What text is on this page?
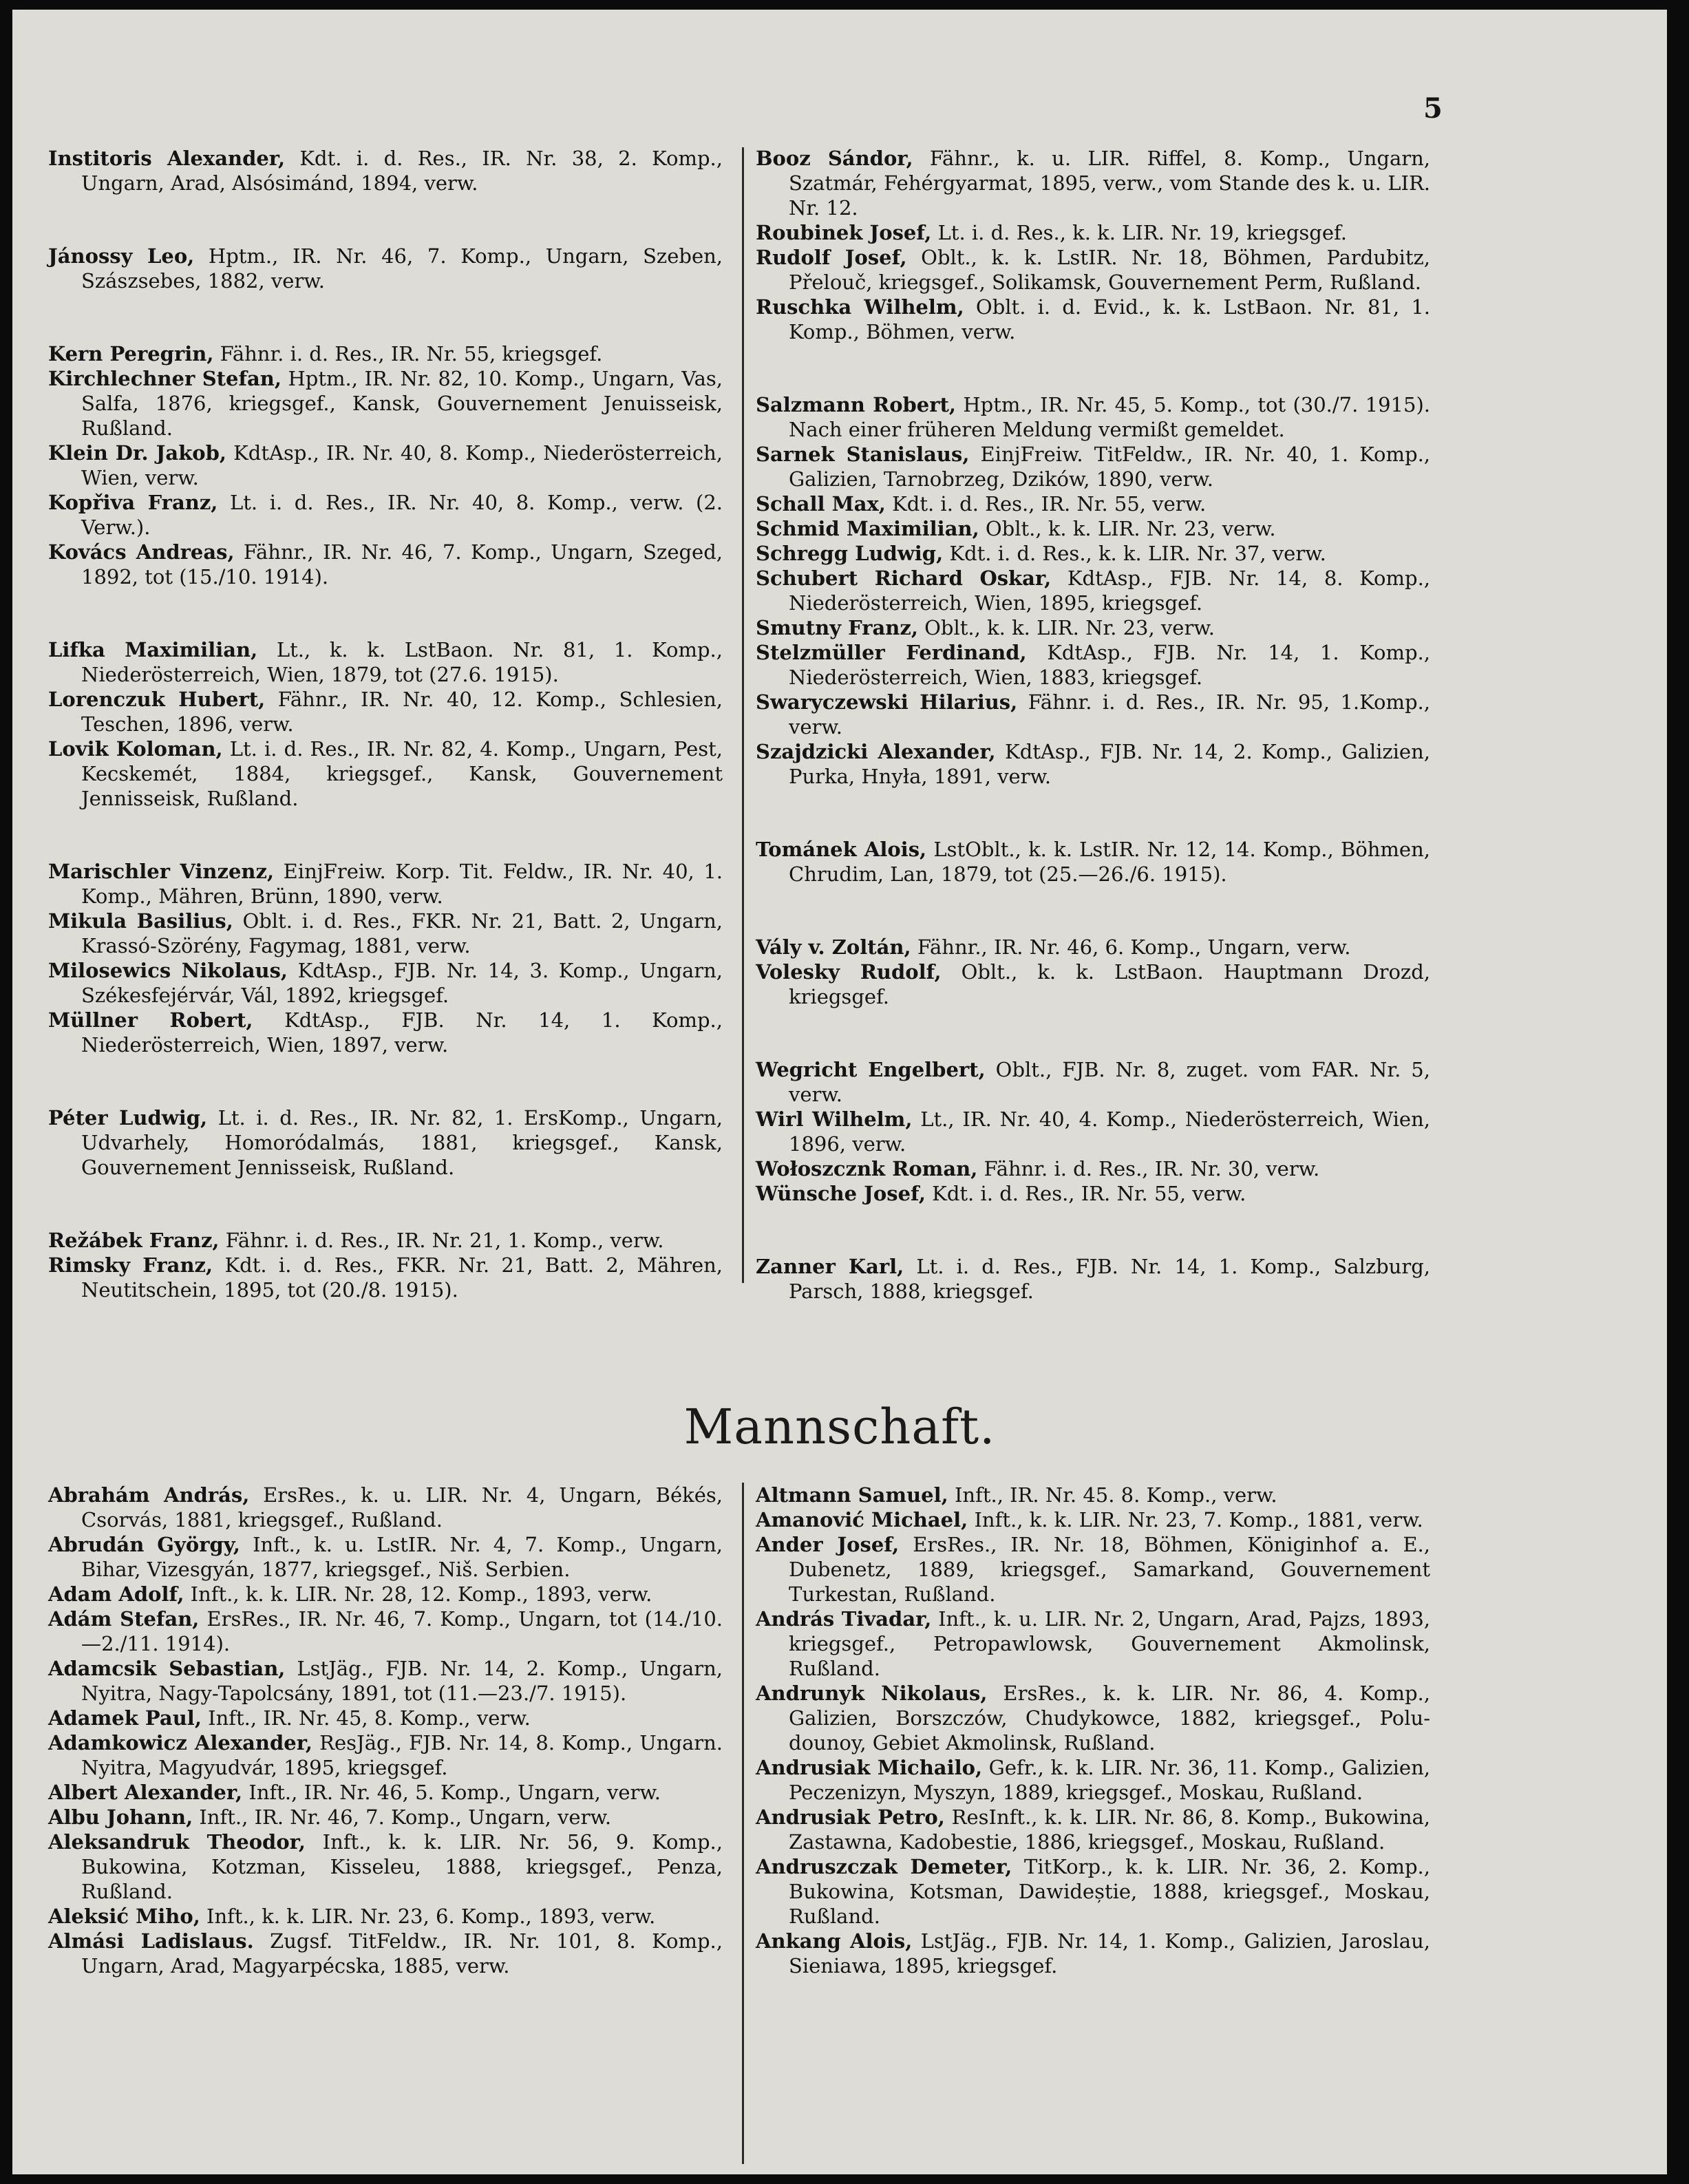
5

Institoris Alexander, Kdt. i. d. Res., IR. Nr. 38, 2. Komp., Ungarn, Arad, Alsósimánd, 1894, verw.

Jánossy Leo, Hptm., IR. Nr. 46, 7. Komp., Ungarn, Szeben, Szászsebes, 1882, verw.

Kern Peregrin, Fähnr. i. d. Res., IR. Nr. 55, kriegsgef.

Kirchlechner Stefan, Hptm., IR. Nr. 82, 10. Komp., Ungarn, Vas, Salfa, 1876, kriegsgef., Kansk, Gouvernement Jenuisseisk, Rußland.

Klein Dr. Jakob, KdtAsp., IR. Nr. 40, 8. Komp., Niederösterreich, Wien, verw.

Kopřiva Franz, Lt. i. d. Res., IR. Nr. 40, 8. Komp., verw. (2. Verw.).

Kovács Andreas, Fähnr., IR. Nr. 46, 7. Komp., Ungarn, Szeged, 1892, tot (15./10. 1914).

Lifka Maximilian, Lt., k. k. LstBaon. Nr. 81, 1. Komp., Niederösterreich, Wien, 1879, tot (27.6. 1915).

Lorenczuk Hubert, Fähnr., IR. Nr. 40, 12. Komp., Schlesien, Teschen, 1896, verw.

Lovik Koloman, Lt. i. d. Res., IR. Nr. 82, 4. Komp., Ungarn, Pest, Kecskemét, 1884, kriegsgef., Kansk, Gouvernement Jennisseisk, Rußland.

Marischler Vinzenz, EinjFreiw. Korp. Tit. Feldw., IR. Nr. 40, 1. Komp., Mähren, Brünn, 1890, verw.

Mikula Basilius, Oblt. i. d. Res., FKR. Nr. 21, Batt. 2, Ungarn, Krassó-Szörény, Fagymag, 1881, verw.

Milosewics Nikolaus, KdtAsp., FJB. Nr. 14, 3. Komp., Ungarn, Székesfejérvár, Vál, 1892, kriegsgef.

Müllner Robert, KdtAsp., FJB. Nr. 14, 1. Komp., Niederösterreich, Wien, 1897, verw.

Péter Ludwig, Lt. i. d. Res., IR. Nr. 82, 1. ErsKomp., Ungarn, Udvarhely, Homoródalmás, 1881, kriegsgef., Kansk, Gouvernement Jennisseisk, Rußland.

Režábek Franz, Fähnr. i. d. Res., IR. Nr. 21, 1. Komp., verw.

Rimsky Franz, Kdt. i. d. Res., FKR. Nr. 21, Batt. 2, Mähren, Neutitschein, 1895, tot (20./8. 1915).

Booz Sándor, Fähnr., k. u. LIR. Riffel, 8. Komp., Ungarn, Szatmár, Fehérgyarmat, 1895, verw., vom Stande des k. u. LIR. Nr. 12.

Roubinek Josef, Lt. i. d. Res., k. k. LIR. Nr. 19, kriegsgef.

Rudolf Josef, Oblt., k. k. LstIR. Nr. 18, Böhmen, Pardubitz, Přelouč, kriegsgef., Solikamsk, Gouvernement Perm, Rußland.

Ruschka Wilhelm, Oblt. i. d. Evid., k. k. LstBaon. Nr. 81, 1. Komp., Böhmen, verw.

Salzmann Robert, Hptm., IR. Nr. 45, 5. Komp., tot (30./7. 1915). Nach einer früheren Meldung vermißt gemeldet.

Sarnek Stanislaus, EinjFreiw. TitFeldw., IR. Nr. 40, 1. Komp., Galizien, Tarnobrzeg, Dzików, 1890, verw.

Schall Max, Kdt. i. d. Res., IR. Nr. 55, verw.

Schmid Maximilian, Oblt., k. k. LIR. Nr. 23, verw.

Schregg Ludwig, Kdt. i. d. Res., k. k. LIR. Nr. 37, verw.

Schubert Richard Oskar, KdtAsp., FJB. Nr. 14, 8. Komp., Niederösterreich, Wien, 1895, kriegsgef.

Smutny Franz, Oblt., k. k. LIR. Nr. 23, verw.

Stelzmüller Ferdinand, KdtAsp., FJB. Nr. 14, 1. Komp., Niederösterreich, Wien, 1883, kriegsgef.

Swaryczewski Hilarius, Fähnr. i. d. Res., IR. Nr. 95, 1.Komp., verw.

Szajdzicki Alexander, KdtAsp., FJB. Nr. 14, 2. Komp., Galizien, Purka, Hnyła, 1891, verw.

Tománek Alois, LstOblt., k. k. LstIR. Nr. 12, 14. Komp., Böhmen, Chrudim, Lan, 1879, tot (25.—26./6. 1915).

Vály v. Zoltán, Fähnr., IR. Nr. 46, 6. Komp., Ungarn, verw.

Volesky Rudolf, Oblt., k. k. LstBaon. Hauptmann Drozd, kriegsgef.

Wegricht Engelbert, Oblt., FJB. Nr. 8, zuget. vom FAR. Nr. 5, verw.

Wirl Wilhelm, Lt., IR. Nr. 40, 4. Komp., Niederösterreich, Wien, 1896, verw.

Wołoszcznk Roman, Fähnr. i. d. Res., IR. Nr. 30, verw.

Wünsche Josef, Kdt. i. d. Res., IR. Nr. 55, verw.

Zanner Karl, Lt. i. d. Res., FJB. Nr. 14, 1. Komp., Salzburg, Parsch, 1888, kriegsgef.

Mannschaft.

Abrahám András, ErsRes., k. u. LIR. Nr. 4, Ungarn, Békés, Csorvás, 1881, kriegsgef., Rußland.

Abrudán György, Inft., k. u. LstIR. Nr. 4, 7. Komp., Ungarn, Bihar, Vizesgyán, 1877, kriegsgef., Niš. Serbien.

Adam Adolf, Inft., k. k. LIR. Nr. 28, 12. Komp., 1893, verw.

Adám Stefan, ErsRes., IR. Nr. 46, 7. Komp., Ungarn, tot (14./10.—2./11. 1914).

Adamcsik Sebastian, LstJäg., FJB. Nr. 14, 2. Komp., Ungarn, Nyitra, Nagy-Tapolcsány, 1891, tot (11.—23./7. 1915).

Adamek Paul, Inft., IR. Nr. 45, 8. Komp., verw.

Adamkowicz Alexander, ResJäg., FJB. Nr. 14, 8. Komp., Ungarn. Nyitra, Magyudvár, 1895, kriegsgef.

Albert Alexander, Inft., IR. Nr. 46, 5. Komp., Ungarn, verw.

Albu Johann, Inft., IR. Nr. 46, 7. Komp., Ungarn, verw.

Aleksandruk Theodor, Inft., k. k. LIR. Nr. 56, 9. Komp., Bukowina, Kotzman, Kisseleu, 1888, kriegsgef., Penza, Rußland.

Aleksić Miho, Inft., k. k. LIR. Nr. 23, 6. Komp., 1893, verw.

Almási Ladislaus. Zugsf. TitFeldw., IR. Nr. 101, 8. Komp., Ungarn, Arad, Magyarpécska, 1885, verw.

Altmann Samuel, Inft., IR. Nr. 45. 8. Komp., verw.

Amanović Michael, Inft., k. k. LIR. Nr. 23, 7. Komp., 1881, verw.

Ander Josef, ErsRes., IR. Nr. 18, Böhmen, Königinhof a. E., Dubenetz, 1889, kriegsgef., Samarkand, Gouvernement Turkestan, Rußland.

András Tivadar, Inft., k. u. LIR. Nr. 2, Ungarn, Arad, Pajzs, 1893, kriegsgef., Petropawlowsk, Gouvernement Akmolinsk, Rußland.

Andrunyk Nikolaus, ErsRes., k. k. LIR. Nr. 86, 4. Komp., Galizien, Borszczów, Chudykowce, 1882, kriegsgef., Polu-dounoy, Gebiet Akmolinsk, Rußland.

Andrusiak Michailo, Gefr., k. k. LIR. Nr. 36, 11. Komp., Galizien, Peczenizyn, Myszyn, 1889, kriegsgef., Moskau, Rußland.

Andrusiak Petro, ResInft., k. k. LIR. Nr. 86, 8. Komp., Bukowina, Zastawna, Kadobestie, 1886, kriegsgef., Moskau, Rußland.

Andruszczak Demeter, TitKorp., k. k. LIR. Nr. 36, 2. Komp., Bukowina, Kotsman, Dawideștie, 1888, kriegsgef., Moskau, Rußland.

Ankang Alois, LstJäg., FJB. Nr. 14, 1. Komp., Galizien, Jaroslau, Sieniawa, 1895, kriegsgef.
